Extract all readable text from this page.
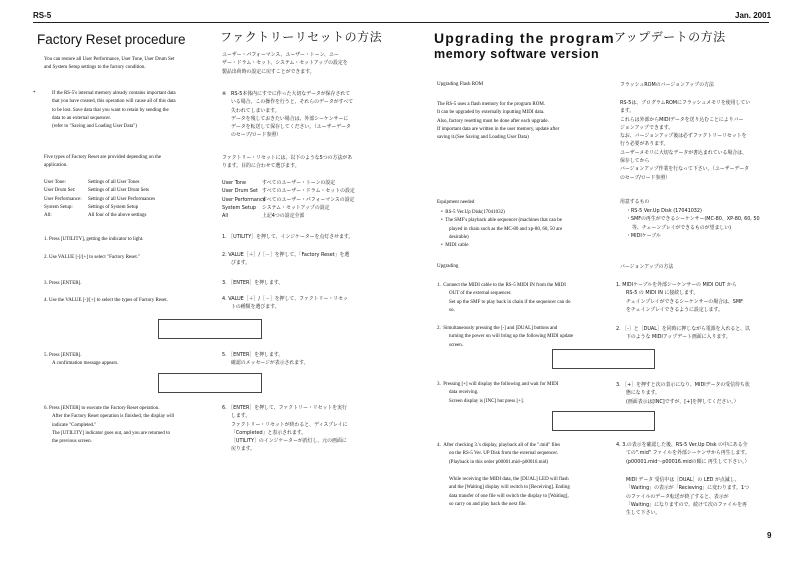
RS-5	Jan. 2001
Factory Reset procedure	ファクトリーリセットの方法
You can restore all User Performance, User Tone, User Drum Set
and System Setup settings to the factory condition.
ユーザー・パフォーマンス、ユーザー・トーン、ユー
ザー・ドラム・セット、システム・セットアップの設定を
製品出荷時の設定に戻すことができます。
*	If the RS-5's internal memory already contains important data
that you have created, this operation will cause all of this data
to be lost. Save data that you want to retain by sending the
data to an external sequencer.
(refer to "Saving and Loading User Data")
※ RS-5本体内にすでに作った大切なデータが保存されて
いる場合、この操作を行うと、それらのデータがすべて
失われてしまいます。
データを残しておきたい場合は、外部シーケンサーに
データを転送して保存してください。（ユーザーデータ
のセーブ/ロード参照）
Five types of Factory Reset are provided depending on the
application.
ファクトリー・リセットには、以下のような5つの方法があ
ります。目的に合わせて選びます。
User Tone:	Settings of all User Tones
User Drum Set:	Settings of all User Drum Sets
User Performance: Settings of all User Performances
System Setup:	Settings of System Setup
All:	All four of the above settings
User Tone	すべてのユーザー・トーンの設定
User Drum Set すべてのユーザー・ドラム・セットの設定
User Performanceすべてのユーザー・パフォーマンスの設定
System Setup システム・セットアップの設定
All	上記4つの設定全部
1. Press [UTILITY], getting the indicator to light.
2. Use VALUE [-]/[+] to select "Factory Reset."
3. Press [ENTER].
4. Use the VALUE [-]/[+] to select the types of Factory Reset.
5. Press [ENTER].
A confirmation message appears.
6. Press [ENTER] to execute the Factory Reset operation.
After the Factory Reset operation is finished, the display will
indicate "Completed."
The [UTILITY] indicator goes out, and you are returned to
the previous screen.
1. ［UTILITY］を押して、インジケーターを点灯させます。
2. VALUE［＋］/［－］を押して、「Factory Reset」を選
びます。
3. ［ENTER］を押します。
4. VALUE［＋］/［－］を押して、ファクトリー・リセッ
トの種類を選びます。
5. ［ENTER］を押します。
確認のメッセージが表示されます。
6. ［ENTER］を押して、ファクトリー・リセットを実行
します。
ファクトリー・リセットが終わると、ディスプレイに
「Completed」と表示されます。
［UTILITY］のインジケーターが消灯し、元の画面に
戻ります。

Upgrading the program
memory software version
アップデートの方法
Upgrading Flash ROM	フラッシュROMのバージョンアップの方法
The RS-5 uses a flash memory for the program ROM.
It can be upgraded by externally inputting MIDI data.
Also, factory resetting must be done after each upgrade.
If important data are written in the user memory, update after
saving it.(See Saving and Loading User Data)
RS-5は、プログラムROMにフラッシュメモリを使用してい
ます。
これらは外部からMIDIデータを送り込むことによりバー
ジョンアップできます。
なお、バージョンアップ後は必ずファクトリーリセットを
行う必要があります。
ユーザーメモリに大切なデータが書込まれている場合は、
保存してから
バージョンアップ作業を行なって下さい。（ユーザーデータ
のセーブ/ロード参照）
Equipment needed	用意するもの
•  RS-5 Ver.Up Disk(17041032)
•  The SMF's playback able sequencer (machines that can be
played in chain such as the MC-80 and xp-80, 60, 50 are
desirable)
•  MIDI cable
・RS-5 Ver.Up Disk (17041032)
・SMFの再生ができるシーケンサー(MC-80、XP-80, 60, 50
等、チェーンプレイができるものが望ましい)
・MIDIケーブル
Upgrading	バージョンアップの方法
1. Connect the MIDI cable to the RS-5 MIDI IN from the MIDI
OUT of the external sequencer.
Set up the SMF to play back in chain if the sequencer can do
so.
2. Simultaneously pressing the [-] and [DUAL] buttons and
turning the power on will bring up the following MIDI update
screen.
3. Pressing [+] will display the following and wait for MIDI
data receiving.
Screen display is [INC] but press [+].
4. After checking 3.'s display, playback all of the ".mid" files
on the RS-5 Ver. UP Disk from the external sequencer.
(Playback in this order p00001.mid~p00016.mid)
While receiving the MIDI data, the [DUAL] LED will flash
and the [Waiting] display will switch to [Receiving]. Ending
data transfer of one file will switch the display to [Waiting],
so carry on and play back the next file.
1. MIDIケーブルを外部シーケンサーの MIDI OUT から
RS-5 の MIDI IN に接続します。
チェインプレイができるシーケンサーの場合は、SMF
をチェインプレイできるように設定します。
2. ［-］と［DUAL］を同時に押しながら電源を入れると、以
下のような MIDIアップデート画面に入ります。
3. ［+］を押すと次の表示になり、MIDIデータの受信待ち状
態になります。
(画面表示は[INC]ですが、[+]を押してください。）
4. 3.の表示を確認した後、RS-5 Ver.Up Disk の中にある全
ての".mid" ファイルを外部シーケンサから再生します。
(p00001.mid～p00016.midの順に 再生して下さい。）
MIDI データ 受信中は［DUAL］の LED が点滅し、
「Waiting」の表示が「Recieving」に変わります。1つ
のファイルのデータ転送が終了すると、表示が
「Waiting」になりますので、続けて次のファイルを再
生して下さい。

9
